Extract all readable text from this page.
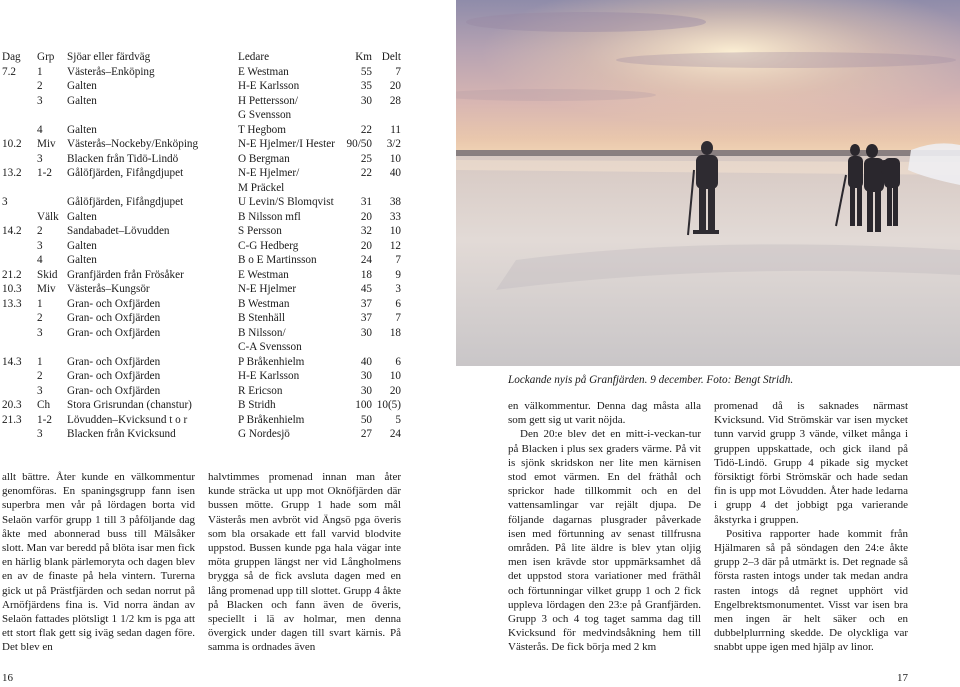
Dag Grp Sjöar eller färdväg	Ledare	Km Delt
7.2 1 Västerås–Enköping	E Westman	55	7
2 Galten	H-E Karlsson	35	20
3 Galten	H Pettersson/	30	28
G Svensson
4 Galten	T Hegbom	22	11
10.2 Miv Västerås–Nockeby/Enköping	N-E Hjelmer/I Hester 90/50	3/2
3 Blacken från Tidö-Lindö	O Bergman	25	10
13.2 1-2 Gålöfjärden, Fifångdjupet	N-E Hjelmer/	22	40
M Präckel
3	Gålöfjärden, Fifångdjupet	U Levin/S Blomqvist	31	38
Välk Galten	B Nilsson mfl	20	33
14.2 2 Sandabadet–Lövudden	S Persson	32	10
3 Galten	C-G Hedberg	20	12
4 Galten	B o E Martinsson	24	7
21.2 Skid Granfjärden från Frösåker	E Westman	18	9
10.3 Miv Västerås–Kungsör	N-E Hjelmer	45	3
13.3 1 Gran- och Oxfjärden	B Westman	37	6
2 Gran- och Oxfjärden	B Stenhäll	37	7
3 Gran- och Oxfjärden	B Nilsson/	30	18
C-A Svensson
14.3 1 Gran- och Oxfjärden	P Bråkenhielm	40	6
2 Gran- och Oxfjärden	H-E Karlsson	30	10
3 Gran- och Oxfjärden	R Ericson	30	20
20.3 Ch Stora Grisrundan (chanstur)	B Stridh	100 10(5)
21.3 1-2 Lövudden–Kvicksund t o r	P Bråkenhielm	50	5
3 Blacken från Kvicksund	G Nordesjö	27	24

allt bättre. Åter kunde en välkommentur genomföras. En spaningsgrupp fann isen superbra men vår på lördagen borta vid Selaön varför grupp 1 till 3 påföljande dag åkte med abonnerad buss till Mälsåker slott. Man var beredd på blöta isar men fick en härlig blank pärlemoryta och dagen blev en av de finaste på hela vintern. Turerna gick ut på Prästfjärden och sedan norrut på Arnöfjärdens fina is. Vid norra ändan av Selaön fattades plötsligt 1 1/2 km is pga att ett stort flak gett sig iväg sedan dagen före. Det blev en

halvtimmes promenad innan man åter kunde sträcka ut upp mot Oknöfjärden där bussen mötte. Grupp 1 hade som mål Västerås men avbröt vid Ängsö pga överis som bla orsakade ett fall varvid blodvite uppstod. Bussen kunde pga hala vägar inte möta gruppen längst ner vid Långholmens brygga så de fick avsluta dagen med en lång promenad upp till slottet. Grupp 4 åkte på Blacken och fann även de överis, speciellt i lä av holmar, men denna övergick under dagen till svart kärnis. På samma is ordnades även

Lockande nyis på Granfjärden. 9 december. Foto: Bengt Stridh.

en välkommentur. Denna dag måsta alla som gett sig ut varit nöjda.

Den 20:e blev det en mitt-i-veckan-tur på Blacken i plus sex graders värme. På vit is sjönk skridskon ner lite men kärnisen stod emot värmen. En del fräthål och sprickor hade tillkommit och en del vattensamlingar var rejält djupa. De följande dagarnas plusgrader påverkade isen med förtunning av senast tillfrusna områden. På lite äldre is blev ytan oljig men isen krävde stor uppmärksamhet då det uppstod stora variationer med fräthål och förtunningar vilket grupp 1 och 2 fick uppleva lördagen den 23:e på Granfjärden. Grupp 3 och 4 tog taget samma dag till Kvicksund för medvindsåkning hem till Västerås. De fick börja med 2 km

promenad då is saknades närmast Kvicksund. Vid Strömskär var isen mycket tunn varvid grupp 3 vände, vilket många i gruppen uppskattade, och gick iland på Tidö-Lindö. Grupp 4 pikade sig mycket försiktigt förbi Strömskär och hade sedan fin is upp mot Lövudden. Åter hade ledarna i grupp 4 det jobbigt pga varierande åkstyrka i gruppen.

Positiva rapporter hade kommit från Hjälmaren så på söndagen den 24:e åkte grupp 2–3 där på utmärkt is. Det regnade så första rasten intogs under tak medan andra rasten intogs då regnet upphört vid Engelbrektsmonumentet. Visst var isen bra men ingen är helt säker och en dubbelplurrning skedde. De olyckliga var snabbt uppe igen med hjälp av linor.

16	17
